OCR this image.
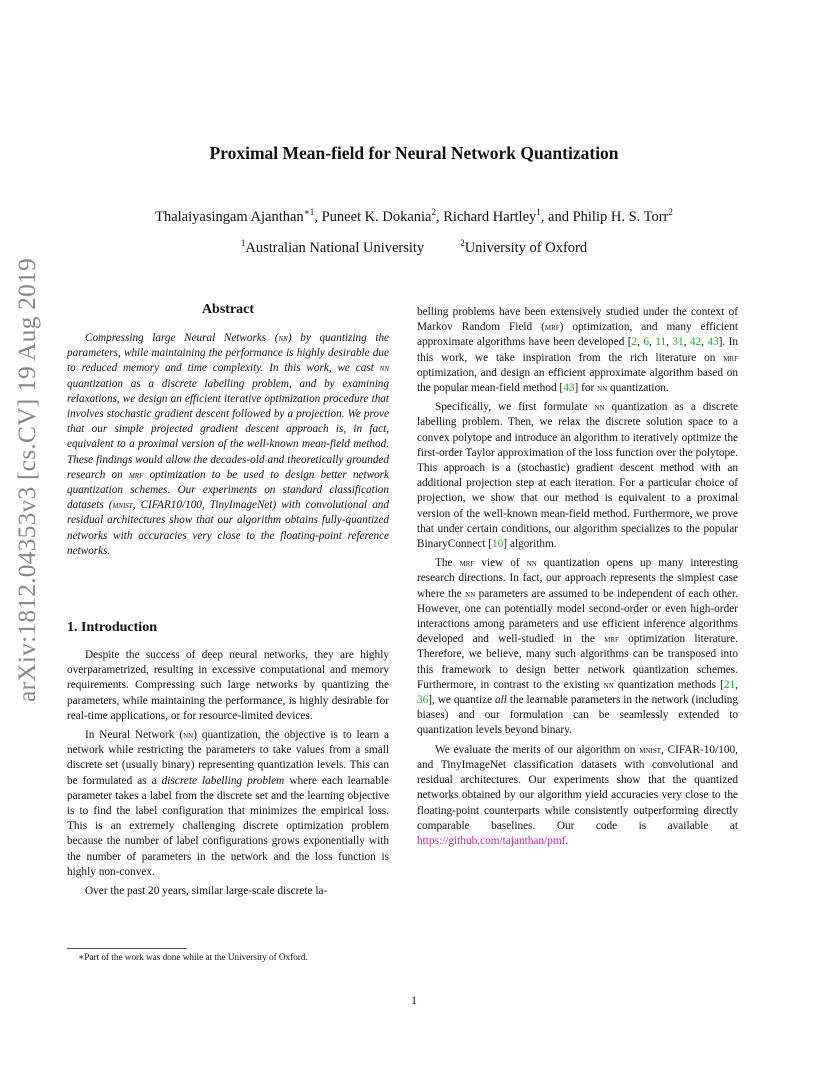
arXiv:1812.04353v3 [cs.CV] 19 Aug 2019
Proximal Mean-field for Neural Network Quantization
Thalaiyasingam Ajanthan$^{∗1}$, Puneet K. Dokania$^2$, Richard Hartley$^1$, and Philip H. S. Torr$^2$
$^1$Australian National University	$^2$University of Oxford
Abstract

Compressing large Neural Networks (nn) by quantizing the parameters, while maintaining the performance is highly desirable due to reduced memory and time complexity. In this work, we cast nn quantization as a discrete labelling problem, and by examining relaxations, we design an efficient iterative optimization procedure that involves stochastic gradient descent followed by a projection. We prove that our simple projected gradient descent approach is, in fact, equivalent to a proximal version of the well-known mean-field method. These findings would allow the decades-old and theoretically grounded research on mrf optimization to be used to design better network quantization schemes. Our experiments on standard classification datasets (mnist, CIFAR10/100, TinyImageNet) with convolutional and residual architectures show that our algorithm obtains fully-quantized networks with accuracies very close to the floating-point reference networks.

1. Introduction

Despite the success of deep neural networks, they are highly overparametrized, resulting in excessive computational and memory requirements. Compressing such large networks by quantizing the parameters, while maintaining the performance, is highly desirable for real-time applications, or for resource-limited devices.

In Neural Network (nn) quantization, the objective is to learn a network while restricting the parameters to take values from a small discrete set (usually binary) representing quantization levels. This can be formulated as a discrete labelling problem where each learnable parameter takes a label from the discrete set and the learning objective is to find the label configuration that minimizes the empirical loss. This is an extremely challenging discrete optimization problem because the number of label configurations grows exponentially with the number of parameters in the network and the loss function is highly non-convex.

Over the past 20 years, similar large-scale discrete la-

belling problems have been extensively studied under the context of Markov Random Field (mrf) optimization, and many efficient approximate algorithms have been developed [2, 6, 11, 31, 42, 43]. In this work, we take inspiration from the rich literature on mrf optimization, and design an efficient approximate algorithm based on the popular mean-field method [43] for nn quantization.

Specifically, we first formulate nn quantization as a discrete labelling problem. Then, we relax the discrete solution space to a convex polytope and introduce an algorithm to iteratively optimize the first-order Taylor approximation of the loss function over the polytope. This approach is a (stochastic) gradient descent method with an additional projection step at each iteration. For a particular choice of projection, we show that our method is equivalent to a proximal version of the well-known mean-field method. Furthermore, we prove that under certain conditions, our algorithm specializes to the popular BinaryConnect [10] algorithm.

The mrf view of nn quantization opens up many interesting research directions. In fact, our approach represents the simplest case where the nn parameters are assumed to be independent of each other. However, one can potentially model second-order or even high-order interactions among parameters and use efficient inference algorithms developed and well-studied in the mrf optimization literature. Therefore, we believe, many such algorithms can be transposed into this framework to design better network quantization schemes. Furthermore, in contrast to the existing nn quantization methods [21, 36], we quantize all the learnable parameters in the network (including biases) and our formulation can be seamlessly extended to quantization levels beyond binary.

We evaluate the merits of our algorithm on mnist, CIFAR-10/100, and TinyImageNet classification datasets with convolutional and residual architectures. Our experiments show that the quantized networks obtained by our algorithm yield accuracies very close to the floating-point counterparts while consistently outperforming directly comparable baselines. Our code is available at https://github.com/tajanthan/pmf.

∗Part of the work was done while at the University of Oxford.
1
